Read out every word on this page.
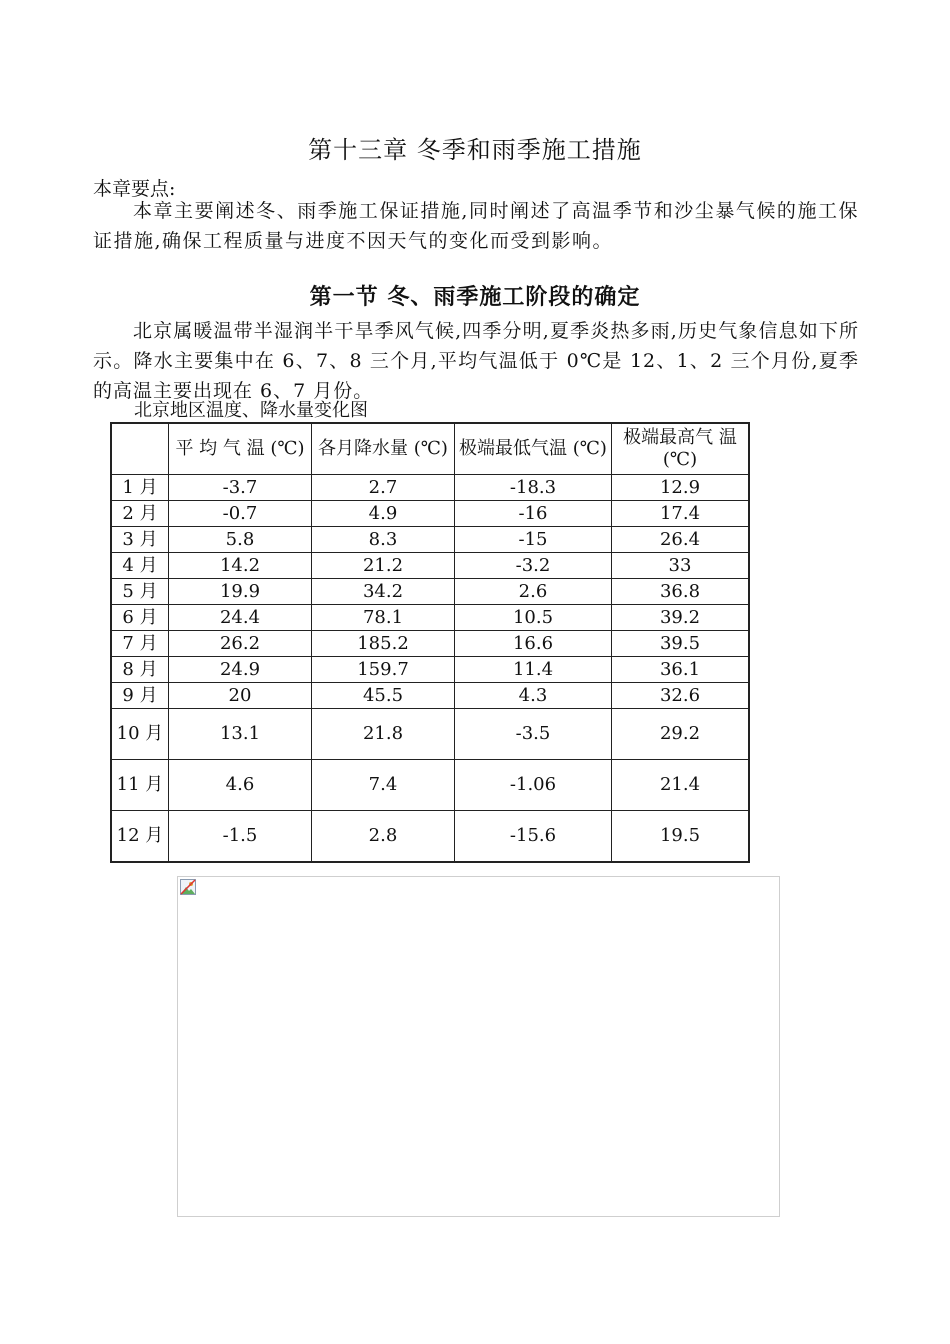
第十三章 冬季和雨季施工措施
本章要点:
本章主要阐述冬、雨季施工保证措施,同时阐述了高温季节和沙尘暴气候的施工保证措施,确保工程质量与进度不因天气的变化而受到影响。
第一节 冬、雨季施工阶段的确定
北京属暖温带半湿润半干旱季风气候,四季分明,夏季炎热多雨,历史气象信息如下所示。降水主要集中在 6、7、8 三个月,平均气温低于 0℃是 12、1、2 三个月份,夏季的高温主要出现在 6、7 月份。
北京地区温度、降水量变化图
	平 均 气 温 (℃)	各月降水量 (℃)	极端最低气温 (℃)	极端最高气 温(℃)
1 月	-3.7	2.7	-18.3	12.9
2 月	-0.7	4.9	-16	17.4
3 月	5.8	8.3	-15	26.4
4 月	14.2	21.2	-3.2	33
5 月	19.9	34.2	2.6	36.8
6 月	24.4	78.1	10.5	39.2
7 月	26.2	185.2	16.6	39.5
8 月	24.9	159.7	11.4	36.1
9 月	20	45.5	4.3	32.6
10 月	13.1	21.8	-3.5	29.2
11 月	4.6	7.4	-1.06	21.4
12 月	-1.5	2.8	-15.6	19.5
